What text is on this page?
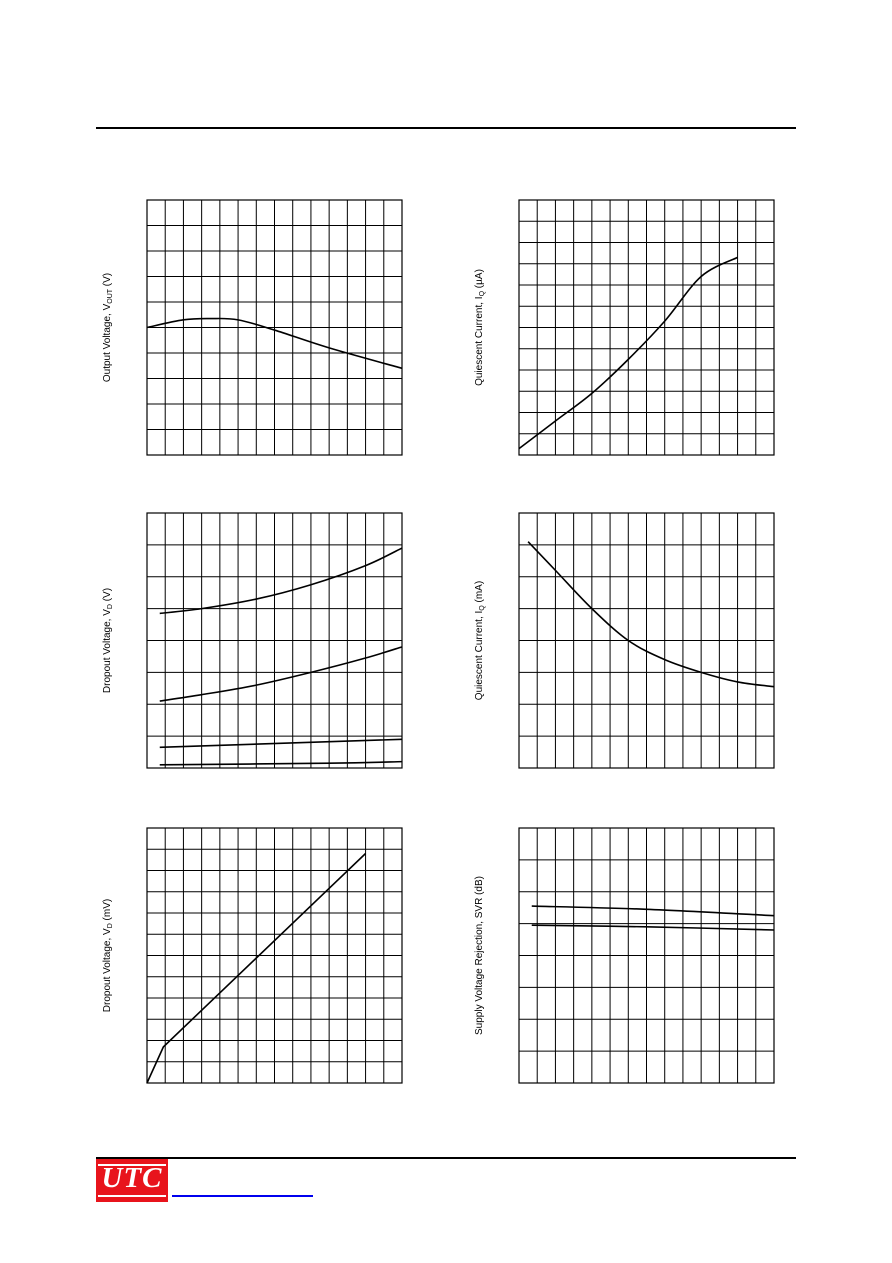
Output Voltage, $V_{OUT}$ (V)
Quiescent Current, $I_Q$ (µA)
Dropout Voltage, $V_D$ (V)
Quiescent Current, $I_Q$ (mA)
Dropout Voltage, $V_D$ (mV)	Supply Voltage Rejection, SVR (dB)
UTC
